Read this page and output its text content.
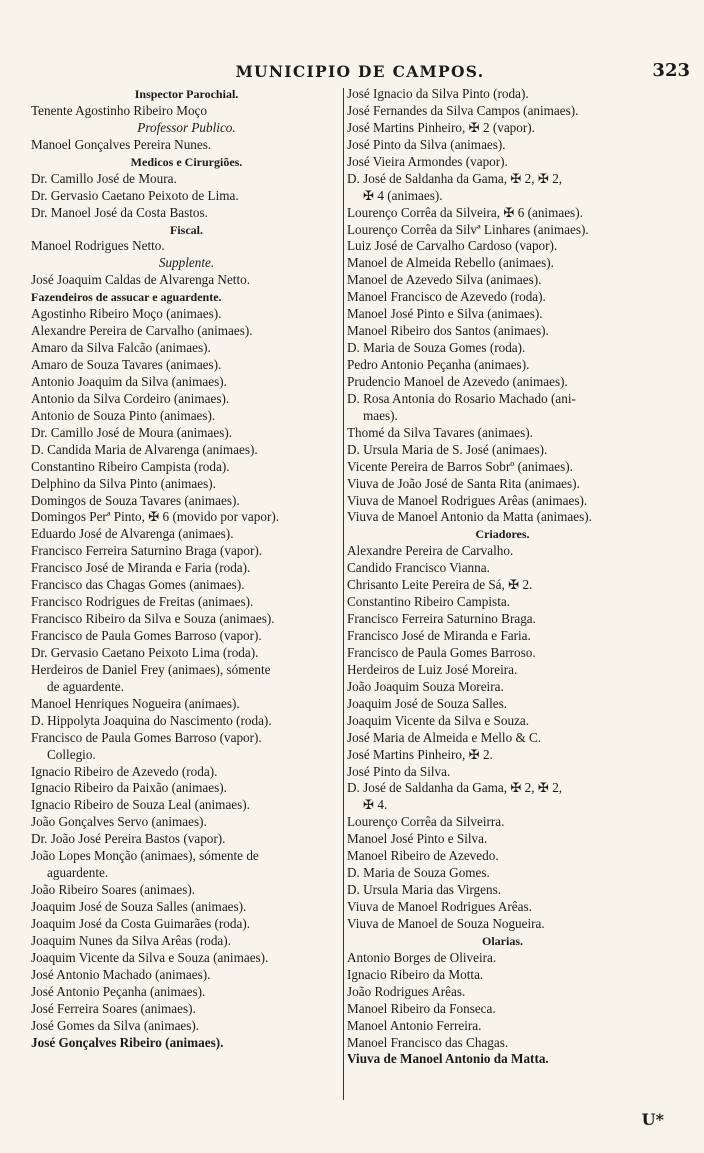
MUNICIPIO DE CAMPOS.	323
Inspector Parochial.
Tenente Agostinho Ribeiro Moço
Professor Publico.
Manoel Gonçalves Pereira Nunes.
Medicos e Cirurgiões.
Dr. Camillo José de Moura.
Dr. Gervasio Caetano Peixoto de Lima.
Dr. Manoel José da Costa Bastos.
Fiscal.
Manoel Rodrigues Netto.
Supplente.
José Joaquim Caldas de Alvarenga Netto.
Fazendeiros de assucar e aguardente.
Agostinho Ribeiro Moço (animaes).
Alexandre Pereira de Carvalho (animaes).
Amaro da Silva Falcão (animaes).
Amaro de Souza Tavares (animaes).
Antonio Joaquim da Silva (animaes).
Antonio da Silva Cordeiro (animaes).
Antonio de Souza Pinto (animaes).
Dr. Camillo José de Moura (animaes).
D. Candida Maria de Alvarenga (animaes).
Constantino Ribeiro Campista (roda).
Delphino da Silva Pinto (animaes).
Domingos de Souza Tavares (animaes).
Domingos Perª Pinto, ✠ 6 (movido por vapor).
Eduardo José de Alvarenga (animaes).
Francisco Ferreira Saturnino Braga (vapor).
Francisco José de Miranda e Faria (roda).
Francisco das Chagas Gomes (animaes).
Francisco Rodrigues de Freitas (animaes).
Francisco Ribeiro da Silva e Souza (animaes).
Francisco de Paula Gomes Barroso (vapor).
Dr. Gervasio Caetano Peixoto Lima (roda).
Herdeiros de Daniel Frey (animaes), sómente
de aguardente.
Manoel Henriques Nogueira (animaes).
D. Hippolyta Joaquina do Nascimento (roda).
Francisco de Paula Gomes Barroso (vapor).
Collegio.
Ignacio Ribeiro de Azevedo (roda).
Ignacio Ribeiro da Paixão (animaes).
Ignacio Ribeiro de Souza Leal (animaes).
João Gonçalves Servo (animaes).
Dr. João José Pereira Bastos (vapor).
João Lopes Monção (animaes), sómente de
aguardente.
João Ribeiro Soares (animaes).
Joaquim José de Souza Salles (animaes).
Joaquim José da Costa Guimarães (roda).
Joaquim Nunes da Silva Arêas (roda).
Joaquim Vicente da Silva e Souza (animaes).
José Antonio Machado (animaes).
José Antonio Peçanha (animaes).
José Ferreira Soares (animaes).
José Gomes da Silva (animaes).
José Gonçalves Ribeiro (animaes).
José Ignacio da Silva Pinto (roda).
José Fernandes da Silva Campos (animaes).
José Martins Pinheiro, ✠ 2 (vapor).
José Pinto da Silva (animaes).
José Vieira Armondes (vapor).
D. José de Saldanha da Gama, ✠ 2, ✠ 2,
✠ 4 (animaes).
Lourenço Corrêa da Silveira, ✠ 6 (animaes).
Lourenço Corrêa da Silvª Linhares (animaes).
Luiz José de Carvalho Cardoso (vapor).
Manoel de Almeida Rebello (animaes).
Manoel de Azevedo Silva (animaes).
Manoel Francisco de Azevedo (roda).
Manoel José Pinto e Silva (animaes).
Manoel Ribeiro dos Santos (animaes).
D. Maria de Souza Gomes (roda).
Pedro Antonio Peçanha (animaes).
Prudencio Manoel de Azevedo (animaes).
D. Rosa Antonia do Rosario Machado (ani-
maes).
Thomé da Silva Tavares (animaes).
D. Ursula Maria de S. José (animaes).
Vicente Pereira de Barros Sobrº (animaes).
Viuva de João José de Santa Rita (animaes).
Viuva de Manoel Rodrigues Arêas (animaes).
Viuva de Manoel Antonio da Matta (animaes).
Criadores.
Alexandre Pereira de Carvalho.
Candido Francisco Vianna.
Chrisanto Leite Pereira de Sá, ✠ 2.
Constantino Ribeiro Campista.
Francisco Ferreira Saturnino Braga.
Francisco José de Miranda e Faria.
Francisco de Paula Gomes Barroso.
Herdeiros de Luiz José Moreira.
João Joaquim Souza Moreira.
Joaquim José de Souza Salles.
Joaquim Vicente da Silva e Souza.
José Maria de Almeida e Mello & C.
José Martins Pinheiro, ✠ 2.
José Pinto da Silva.
D. José de Saldanha da Gama, ✠ 2, ✠ 2,
✠ 4.
Lourenço Corrêa da Silveirra.
Manoel José Pinto e Silva.
Manoel Ribeiro de Azevedo.
D. Maria de Souza Gomes.
D. Ursula Maria das Virgens.
Viuva de Manoel Rodrigues Arêas.
Viuva de Manoel de Souza Nogueira.
Olarias.
Antonio Borges de Oliveira.
Ignacio Ribeiro da Motta.
João Rodrigues Arêas.
Manoel Ribeiro da Fonseca.
Manoel Antonio Ferreira.
Manoel Francisco das Chagas.
Viuva de Manoel Antonio da Matta.
U*
